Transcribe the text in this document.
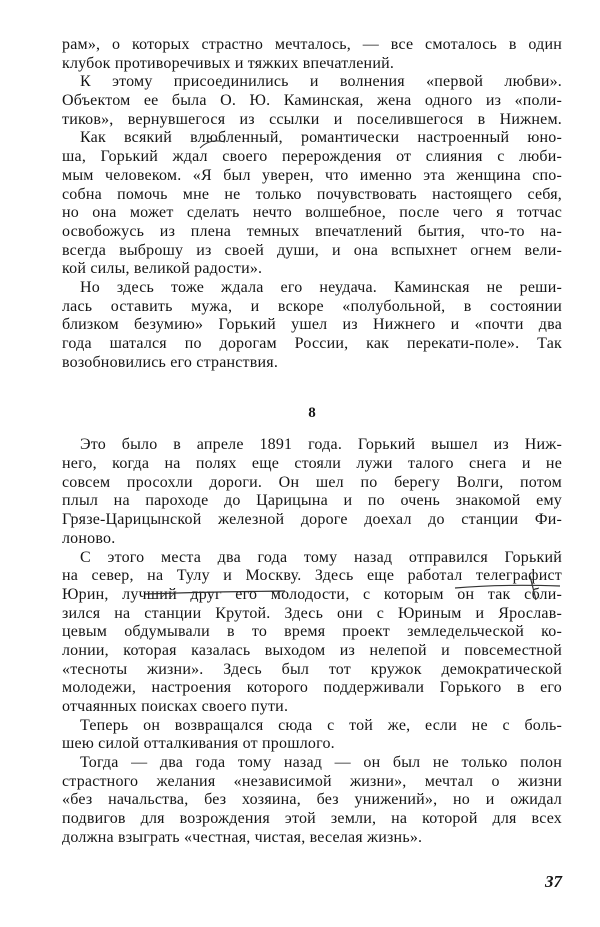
рам», о которых страстно мечталось, — все смоталось в один
клубок противоречивых и тяжких впечатлений.
К этому присоединились и волнения «первой любви».
Объектом ее была О. Ю. Каминская, жена одного из «поли-
тиков», вернувшегося из ссылки и поселившегося в Нижнем.
Как всякий влюбленный, романтически настроенный юно-
ша, Горький ждал своего перерождения от слияния с люби-
мым человеком. «Я был уверен, что именно эта женщина спо-
собна помочь мне не только почувствовать настоящего себя,
но она может сделать нечто волшебное, после чего я тотчас
освобожусь из плена темных впечатлений бытия, что-то на-
всегда выброшу из своей души, и она вспыхнет огнем вели-
кой силы, великой радости».
Но здесь тоже ждала его неудача. Каминская не реши-
лась оставить мужа, и вскоре «полубольной, в состоянии
близком безумию» Горький ушел из Нижнего и «почти два
года шатался по дорогам России, как перекати-поле». Так
возобновились его странствия.
8
Это было в апреле 1891 года. Горький вышел из Ниж-
него, когда на полях еще стояли лужи талого снега и не
совсем просохли дороги. Он шел по берегу Волги, потом
плыл на пароходе до Царицына и по очень знакомой ему
Грязе-Царицынской железной дороге доехал до станции Фи-
лоново.
С этого места два года тому назад отправился Горький
на север, на Тулу и Москву. Здесь еще работал телеграфист
Юрин, лучший друг его молодости, с которым он так сбли-
зился на станции Крутой. Здесь они с Юриным и Ярослав-
цевым обдумывали в то время проект земледельческой ко-
лонии, которая казалась выходом из нелепой и повсеместной
«тесноты жизни». Здесь был тот кружок демократической
молодежи, настроения которого поддерживали Горького в его
отчаянных поисках своего пути.
Теперь он возвращался сюда с той же, если не с боль-
шею силой отталкивания от прошлого.
Тогда — два года тому назад — он был не только полон
страстного желания «независимой жизни», мечтал о жизни
«без начальства, без хозяина, без унижений», но и ожидал
подвигов для возрождения этой земли, на которой для всех
должна взыграть «честная, чистая, веселая жизнь».
37
